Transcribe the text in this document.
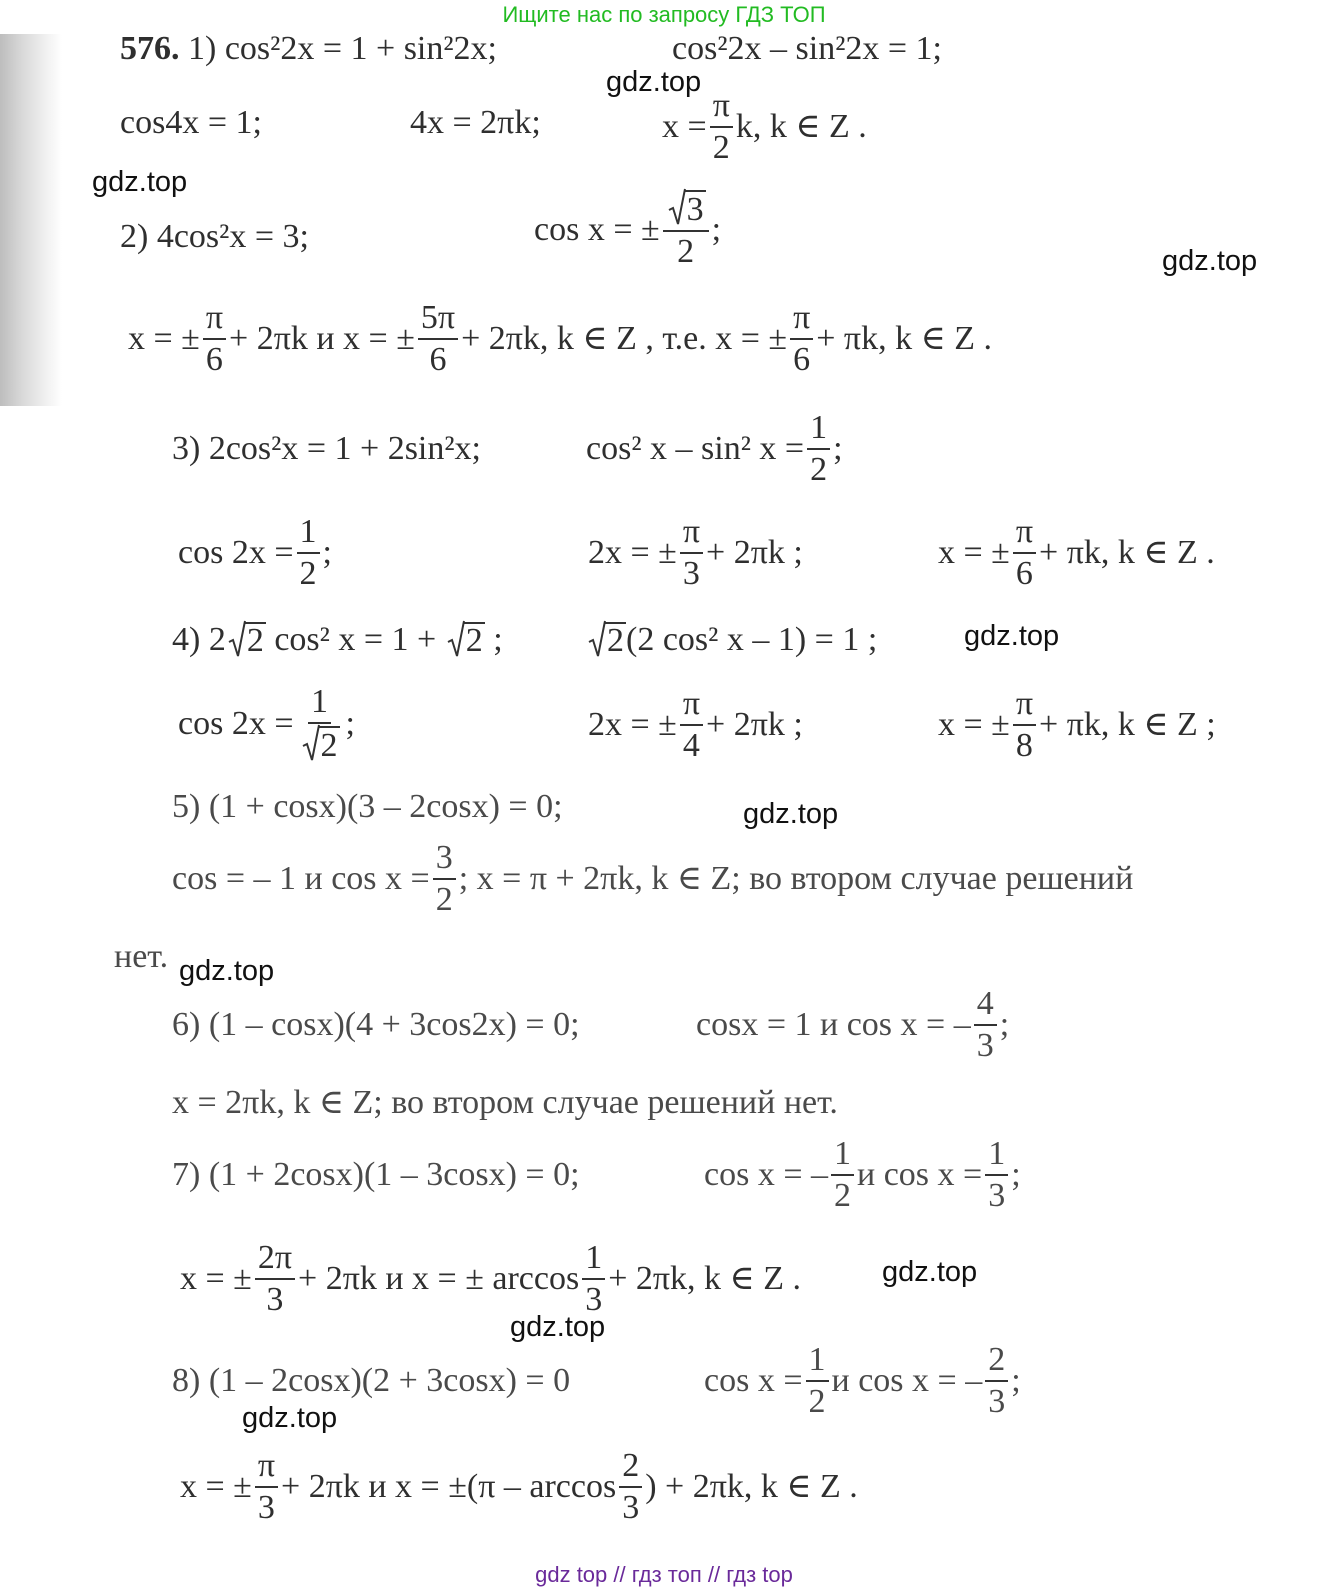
Ищите нас по запросу ГДЗ ТОП
gdz.top
gdz.top
gdz.top
gdz.top
gdz.top
gdz.top
gdz.top
gdz.top
gdz.top
576.
1) cos²2x = 1 + sin²2x;	cos²2x – sin²2x = 1;
cos4x = 1;	4x = 2πk;	$x = \frac{\pi}{2} k$, k ∈ Z .
2) 4cos²x = 3;	cos x = ± $\frac{3}{2}$ ;
x = ± $\frac{\pi}{6} + 2\pi k$ и x = ± $\frac{5\pi}{6} + 2\pi k$, k ∈ Z , т.е. x = ± $\frac{\pi}{6} + \pi k$, k ∈ Z .
3) 2cos²x = 1 + 2sin²x;	cos² x – sin² $x = \frac{1}{2}$ ;
$\cos 2x = \frac{1}{2}$ ;	2x = ± $\frac{\pi}{3} + 2\pi k$ ;	x = ± $\frac{\pi}{6} + \pi k$, k ∈ Z .
4) 2 2
cos² x = 1 +
2
;	2 (2 cos² x – 1) = 1 ;
$\cos 2x = \frac{1}{2}$ ;	2x = ± $\frac{\pi}{4} + 2\pi k$ ;	x = ± $\frac{\pi}{8} + \pi k$, k ∈ Z ;
5) (1 + cosx)(3 – 2cosx) = 0;
cos = – 1 и $\cos x = \frac{3}{2}$ ; x = π + 2πk, k ∈ Z; во втором случае решений
нет.
6) (1 – cosx)(4 + 3cos2x) = 0;	cosx = 1 и cos x = –
4
3
;
x = 2πk, k ∈ Z; во втором случае решений нет.
7) (1 + 2cosx)(1 – 3cosx) = 0;	cos x = –
1
2
и $\cos x = \frac{1}{3}$ ;
x = ± $\frac{2\pi}{3} + 2\pi k$ и x = ± arccos
1
3
+ 2πk, k ∈ Z .
8) (1 – 2cosx)(2 + 3cosx) = 0	$\cos x = \frac{1}{2}$ и cos x = –
2
3
;
x = ± $\frac{\pi}{3} + 2\pi k$ и x = ±(π – arccos
2
3
) + 2πk, k ∈ Z .
gdz top // гдз топ // гдз top
